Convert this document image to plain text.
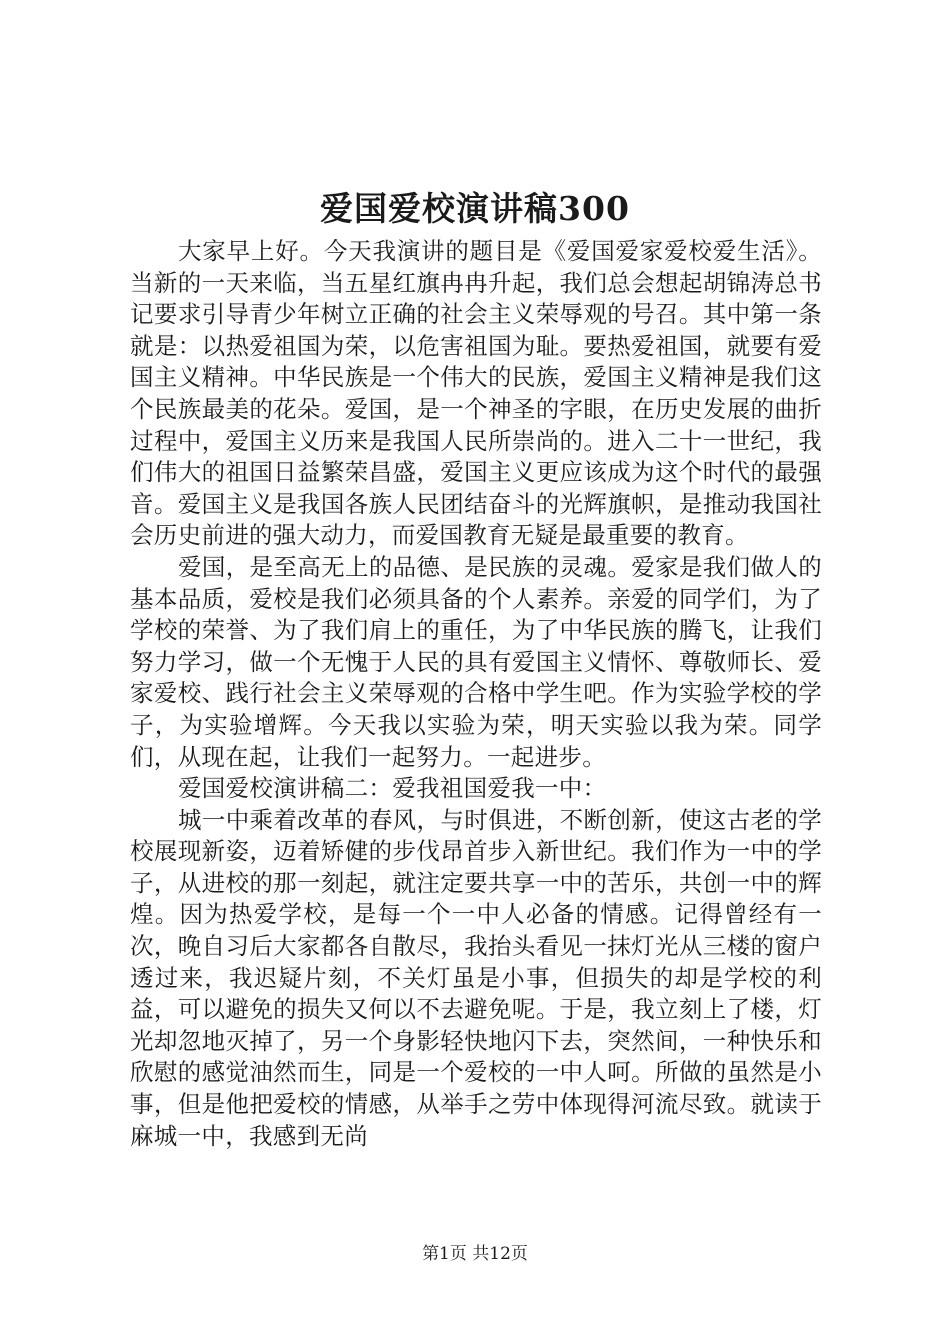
爱国爱校演讲稿300

大家早上好。今天我演讲的题目是《爱国爱家爱校爱生活》。当新的一天来临，当五星红旗冉冉升起，我们总会想起胡锦涛总书记要求引导青少年树立正确的社会主义荣辱观的号召。其中第一条就是：以热爱祖国为荣，以危害祖国为耻。要热爱祖国，就要有爱国主义精神。中华民族是一个伟大的民族，爱国主义精神是我们这个民族最美的花朵。爱国，是一个神圣的字眼，在历史发展的曲折过程中，爱国主义历来是我国人民所崇尚的。进入二十一世纪，我们伟大的祖国日益繁荣昌盛，爱国主义更应该成为这个时代的最强音。爱国主义是我国各族人民团结奋斗的光辉旗帜，是推动我国社会历史前进的强大动力，而爱国教育无疑是最重要的教育。

爱国，是至高无上的品德、是民族的灵魂。爱家是我们做人的基本品质，爱校是我们必须具备的个人素养。亲爱的同学们，为了学校的荣誉、为了我们肩上的重任，为了中华民族的腾飞，让我们努力学习，做一个无愧于人民的具有爱国主义情怀、尊敬师长、爱家爱校、践行社会主义荣辱观的合格中学生吧。作为实验学校的学子，为实验增辉。今天我以实验为荣，明天实验以我为荣。同学们，从现在起，让我们一起努力。一起进步。

爱国爱校演讲稿二：爱我祖国爱我一中：

城一中乘着改革的春风，与时俱进，不断创新，使这古老的学校展现新姿，迈着矫健的步伐昂首步入新世纪。我们作为一中的学子，从进校的那一刻起，就注定要共享一中的苦乐，共创一中的辉煌。因为热爱学校，是每一个一中人必备的情感。记得曾经有一次，晚自习后大家都各自散尽，我抬头看见一抹灯光从三楼的窗户透过来，我迟疑片刻，不关灯虽是小事，但损失的却是学校的利益，可以避免的损失又何以不去避免呢。于是，我立刻上了楼，灯光却忽地灭掉了，另一个身影轻快地闪下去，突然间，一种快乐和欣慰的感觉油然而生，同是一个爱校的一中人呵。所做的虽然是小事，但是他把爱校的情感，从举手之劳中体现得河流尽致。就读于麻城一中，我感到无尚

第1页 共12页
